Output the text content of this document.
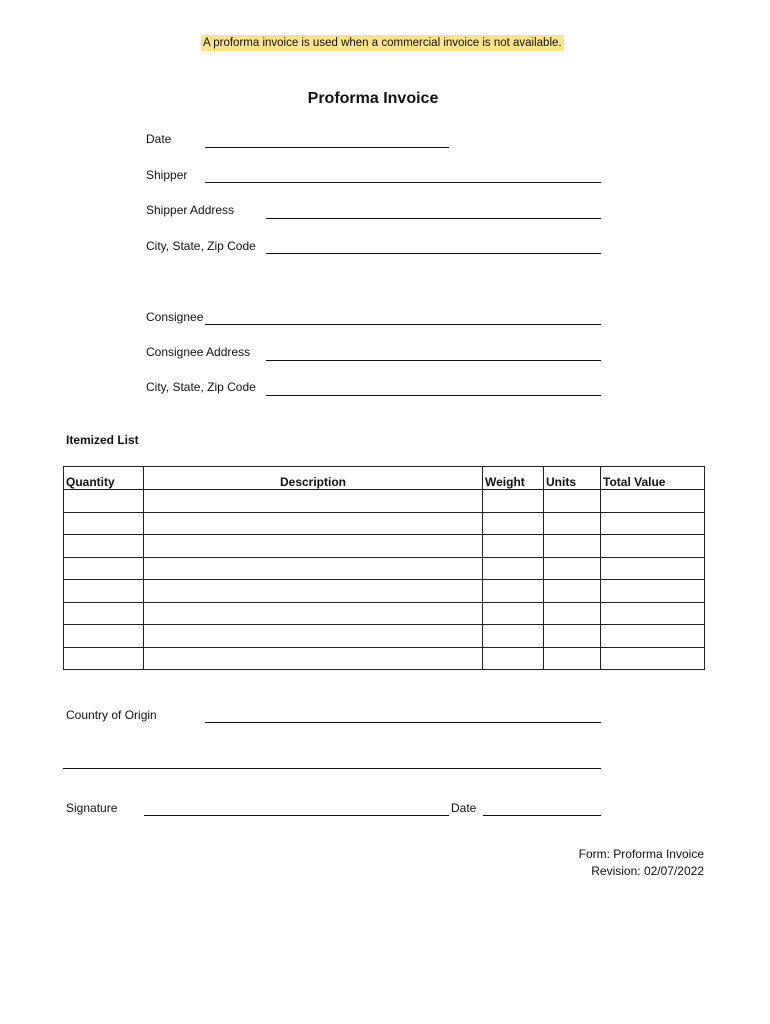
A proforma invoice is used when a commercial invoice is not available.
Proforma Invoice
Date
Shipper
Shipper Address
City, State, Zip Code
Consignee
Consignee Address
City, State, Zip Code
Itemized List
Quantity	Description	Weight	Units	Total Value

Country of Origin
Signature	Date
Form: Proforma Invoice
Revision: 02/07/2022
